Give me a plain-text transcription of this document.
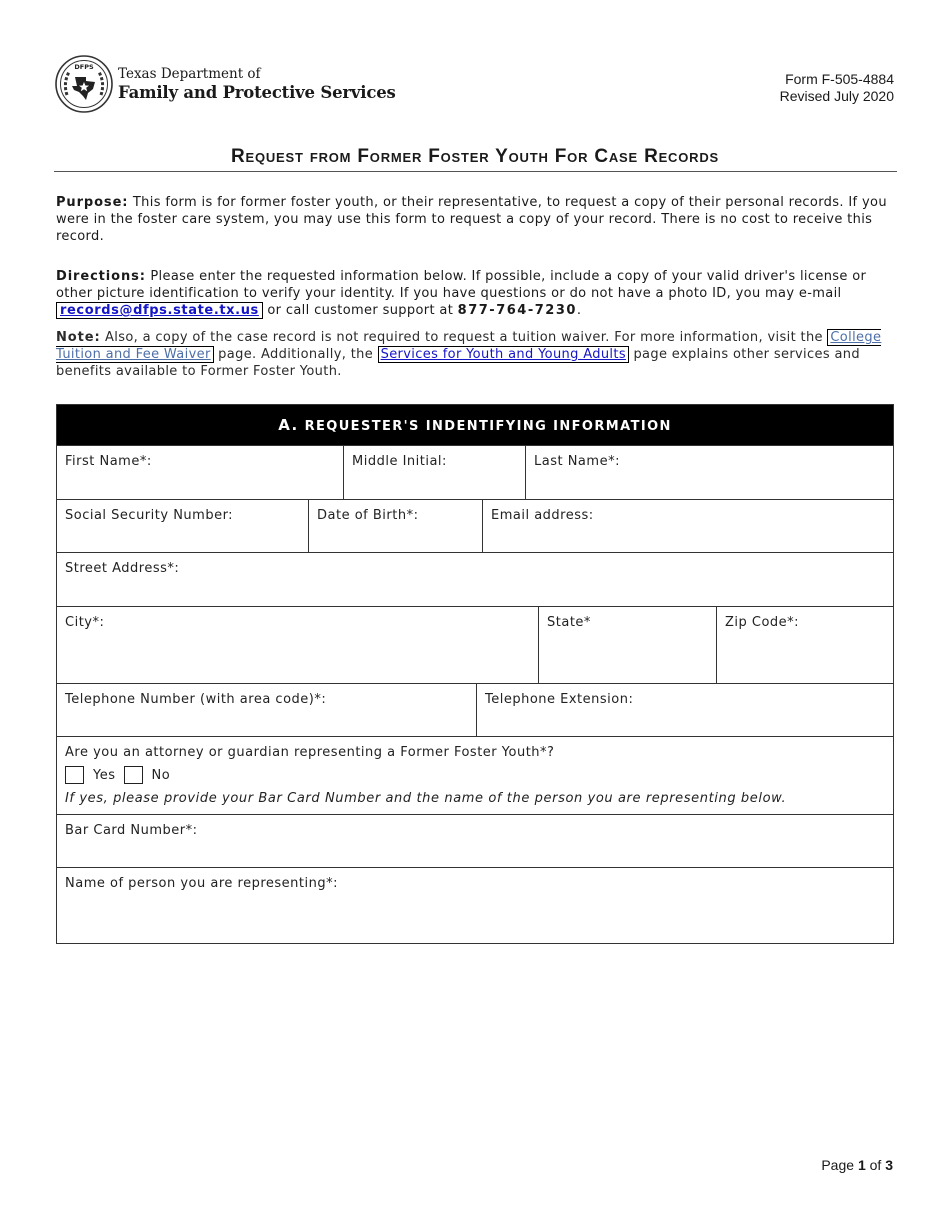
DFPS Texas Department of
Family and Protective Services
Form F-505-4884
Revised July 2020
Request from Former Foster Youth For Case Records
Purpose: This form is for former foster youth, or their representative, to request a copy of their personal records. If you were in the foster care system, you may use this form to request a copy of your record. There is no cost to receive this record.
Directions: Please enter the requested information below. If possible, include a copy of your valid driver's license or other picture identification to verify your identity. If you have questions or do not have a photo ID, you may e-mail records@dfps.state.tx.us or call customer support at 877-764-7230.
Note: Also, a copy of the case record is not required to request a tuition waiver. For more information, visit the College Tuition and Fee Waiver page. Additionally, the Services for Youth and Young Adults page explains other services and benefits available to Former Foster Youth.
A. REQUESTER'S INDENTIFYING INFORMATION
First Name*:	Middle Initial:	Last Name*:
Social Security Number:	Date of Birth*:	Email address:
Street Address*:
City*:	State*	Zip Code*:
Telephone Number (with area code)*:	Telephone Extension:
Are you an attorney or guardian representing a Former Foster Youth*?
Yes	No
If yes, please provide your Bar Card Number and the name of the person you are representing below.
Bar Card Number*:
Name of person you are representing*:
Page 1 of 3
